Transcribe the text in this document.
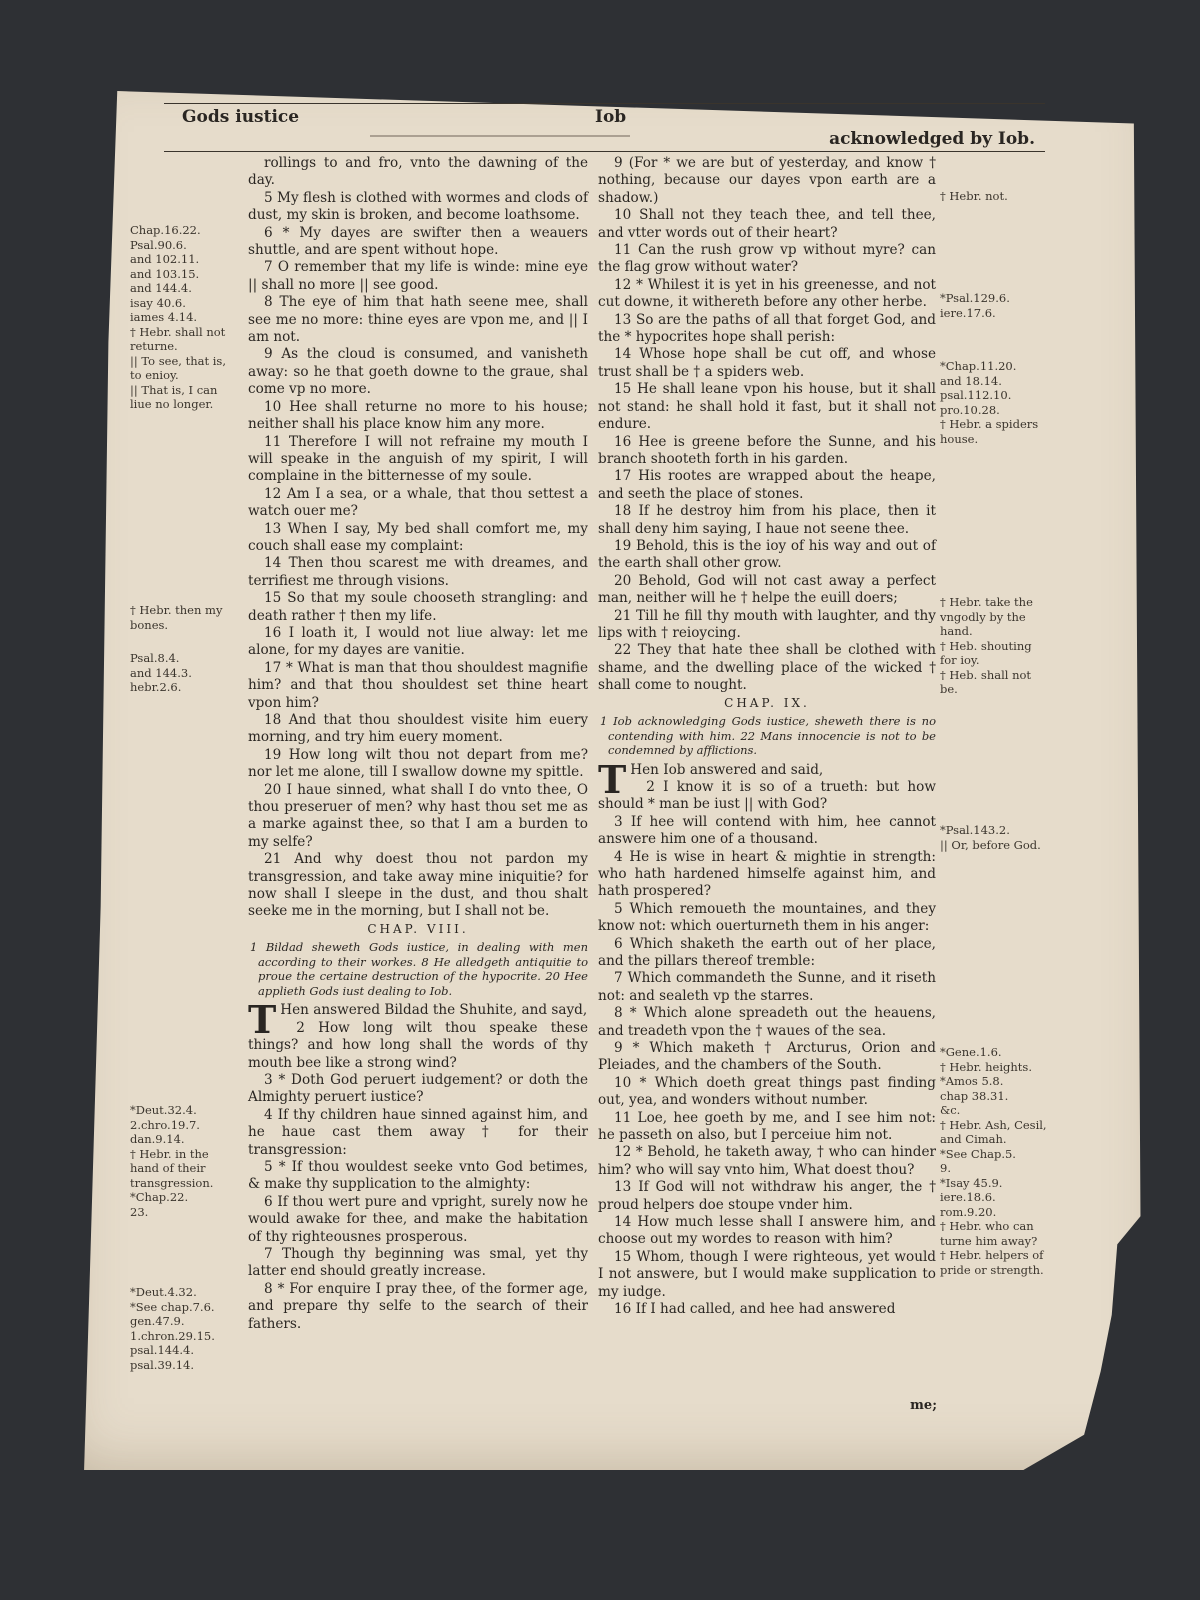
Gods iustice	Iob
acknowledged by Iob.
Chap.16.22.
Psal.90.6.
and 102.11.
and 103.15.
and 144.4.
isay 40.6.
iames 4.14.
† Hebr. shall not returne.
|| To see, that is, to enioy.
|| That is, I can liue no longer.
† Hebr. then my bones.
Psal.8.4.
and 144.3.
hebr.2.6.
*Deut.32.4.
2.chro.19.7.
dan.9.14.
† Hebr. in the hand of their transgression.
*Chap.22.
23.
*Deut.4.32.
*See chap.7.6.
gen.47.9.
1.chron.29.15.
psal.144.4.
psal.39.14.
† Hebr. not.
*Psal.129.6.
iere.17.6.
*Chap.11.20.
and 18.14.
psal.112.10.
pro.10.28.
† Hebr. a spiders house.
† Hebr. take the vngodly by the hand.
† Heb. shouting for ioy.
† Heb. shall not be.
*Psal.143.2.
|| Or, before God.
*Gene.1.6.
† Hebr. heights.
*Amos 5.8.
chap 38.31.
&c.
† Hebr. Ash, Cesil, and Cimah.
*See Chap.5.
9.
*Isay 45.9.
iere.18.6.
rom.9.20.
† Hebr. who can turne him away?
† Hebr. helpers of pride or strength.

rollings to and fro, vnto the dawning of the day.

5 My flesh is clothed with wormes and clods of dust, my skin is broken, and become loathsome.

6 * My dayes are swifter then a weauers shuttle, and are spent without hope.

7 O remember that my life is winde: mine eye || shall no more || see good.

8 The eye of him that hath seene mee, shall see me no more: thine eyes are vpon me, and || I am not.

9 As the cloud is consumed, and vanisheth away: so he that goeth downe to the graue, shal come vp no more.

10 Hee shall returne no more to his house; neither shall his place know him any more.

11 Therefore I will not refraine my mouth I will speake in the anguish of my spirit, I will complaine in the bitternesse of my soule.

12 Am I a sea, or a whale, that thou settest a watch ouer me?

13 When I say, My bed shall comfort me, my couch shall ease my complaint:

14 Then thou scarest me with dreames, and terrifiest me through visions.

15 So that my soule chooseth strangling: and death rather † then my life.

16 I loath it, I would not liue alway: let me alone, for my dayes are vanitie.

17 * What is man that thou shouldest magnifie him? and that thou shouldest set thine heart vpon him?

18 And that thou shouldest visite him euery morning, and try him euery moment.

19 How long wilt thou not depart from me? nor let me alone, till I swallow downe my spittle.

20 I haue sinned, what shall I do vnto thee, O thou preseruer of men? why hast thou set me as a marke against thee, so that I am a burden to my selfe?

21 And why doest thou not pardon my transgression, and take away mine iniquitie? for now shall I sleepe in the dust, and thou shalt seeke me in the morning, but I shall not be.

CHAP. VIII.

1 Bildad sheweth Gods iustice, in dealing with men according to their workes. 8 He alledgeth antiquitie to proue the certaine destruction of the hypocrite. 20 Hee applieth Gods iust dealing to Iob.

T Hen answered Bildad the Shuhite, and sayd,

2 How long wilt thou speake these things? and how long shall the words of thy mouth bee like a strong wind?

3 * Doth God peruert iudgement? or doth the Almighty peruert iustice?

4 If thy children haue sinned against him, and he haue cast them away † for their transgression:

5 * If thou wouldest seeke vnto God betimes, & make thy supplication to the almighty:

6 If thou wert pure and vpright, surely now he would awake for thee, and make the habitation of thy righteousnes prosperous.

7 Though thy beginning was smal, yet thy latter end should greatly increase.

8 * For enquire I pray thee, of the former age, and prepare thy selfe to the search of their fathers.

9 (For * we are but of yesterday, and know † nothing, because our dayes vpon earth are a shadow.)

10 Shall not they teach thee, and tell thee, and vtter words out of their heart?

11 Can the rush grow vp without myre? can the flag grow without water?

12 * Whilest it is yet in his greenesse, and not cut downe, it withereth before any other herbe.

13 So are the paths of all that forget God, and the * hypocrites hope shall perish:

14 Whose hope shall be cut off, and whose trust shall be † a spiders web.

15 He shall leane vpon his house, but it shall not stand: he shall hold it fast, but it shall not endure.

16 Hee is greene before the Sunne, and his branch shooteth forth in his garden.

17 His rootes are wrapped about the heape, and seeth the place of stones.

18 If he destroy him from his place, then it shall deny him saying, I haue not seene thee.

19 Behold, this is the ioy of his way and out of the earth shall other grow.

20 Behold, God will not cast away a perfect man, neither will he † helpe the euill doers;

21 Till he fill thy mouth with laughter, and thy lips with † reioycing.

22 They that hate thee shall be clothed with shame, and the dwelling place of the wicked † shall come to nought.

CHAP. IX.

1 Iob acknowledging Gods iustice, sheweth there is no contending with him. 22 Mans innocencie is not to be condemned by afflictions.

T Hen Iob answered and said,

2 I know it is so of a trueth: but how should * man be iust || with God?

3 If hee will contend with him, hee cannot answere him one of a thousand.

4 He is wise in heart & mightie in strength: who hath hardened himselfe against him, and hath prospered?

5 Which remoueth the mountaines, and they know not: which ouerturneth them in his anger:

6 Which shaketh the earth out of her place, and the pillars thereof tremble:

7 Which commandeth the Sunne, and it riseth not: and sealeth vp the starres.

8 * Which alone spreadeth out the heauens, and treadeth vpon the † waues of the sea.

9 * Which maketh † Arcturus, Orion and Pleiades, and the chambers of the South.

10 * Which doeth great things past finding out, yea, and wonders without number.

11 Loe, hee goeth by me, and I see him not: he passeth on also, but I perceiue him not.

12 * Behold, he taketh away, † who can hinder him? who will say vnto him, What doest thou?

13 If God will not withdraw his anger, the † proud helpers doe stoupe vnder him.

14 How much lesse shall I answere him, and choose out my wordes to reason with him?

15 Whom, though I were righteous, yet would I not answere, but I would make supplication to my iudge.

16 If I had called, and hee had answered

me;
